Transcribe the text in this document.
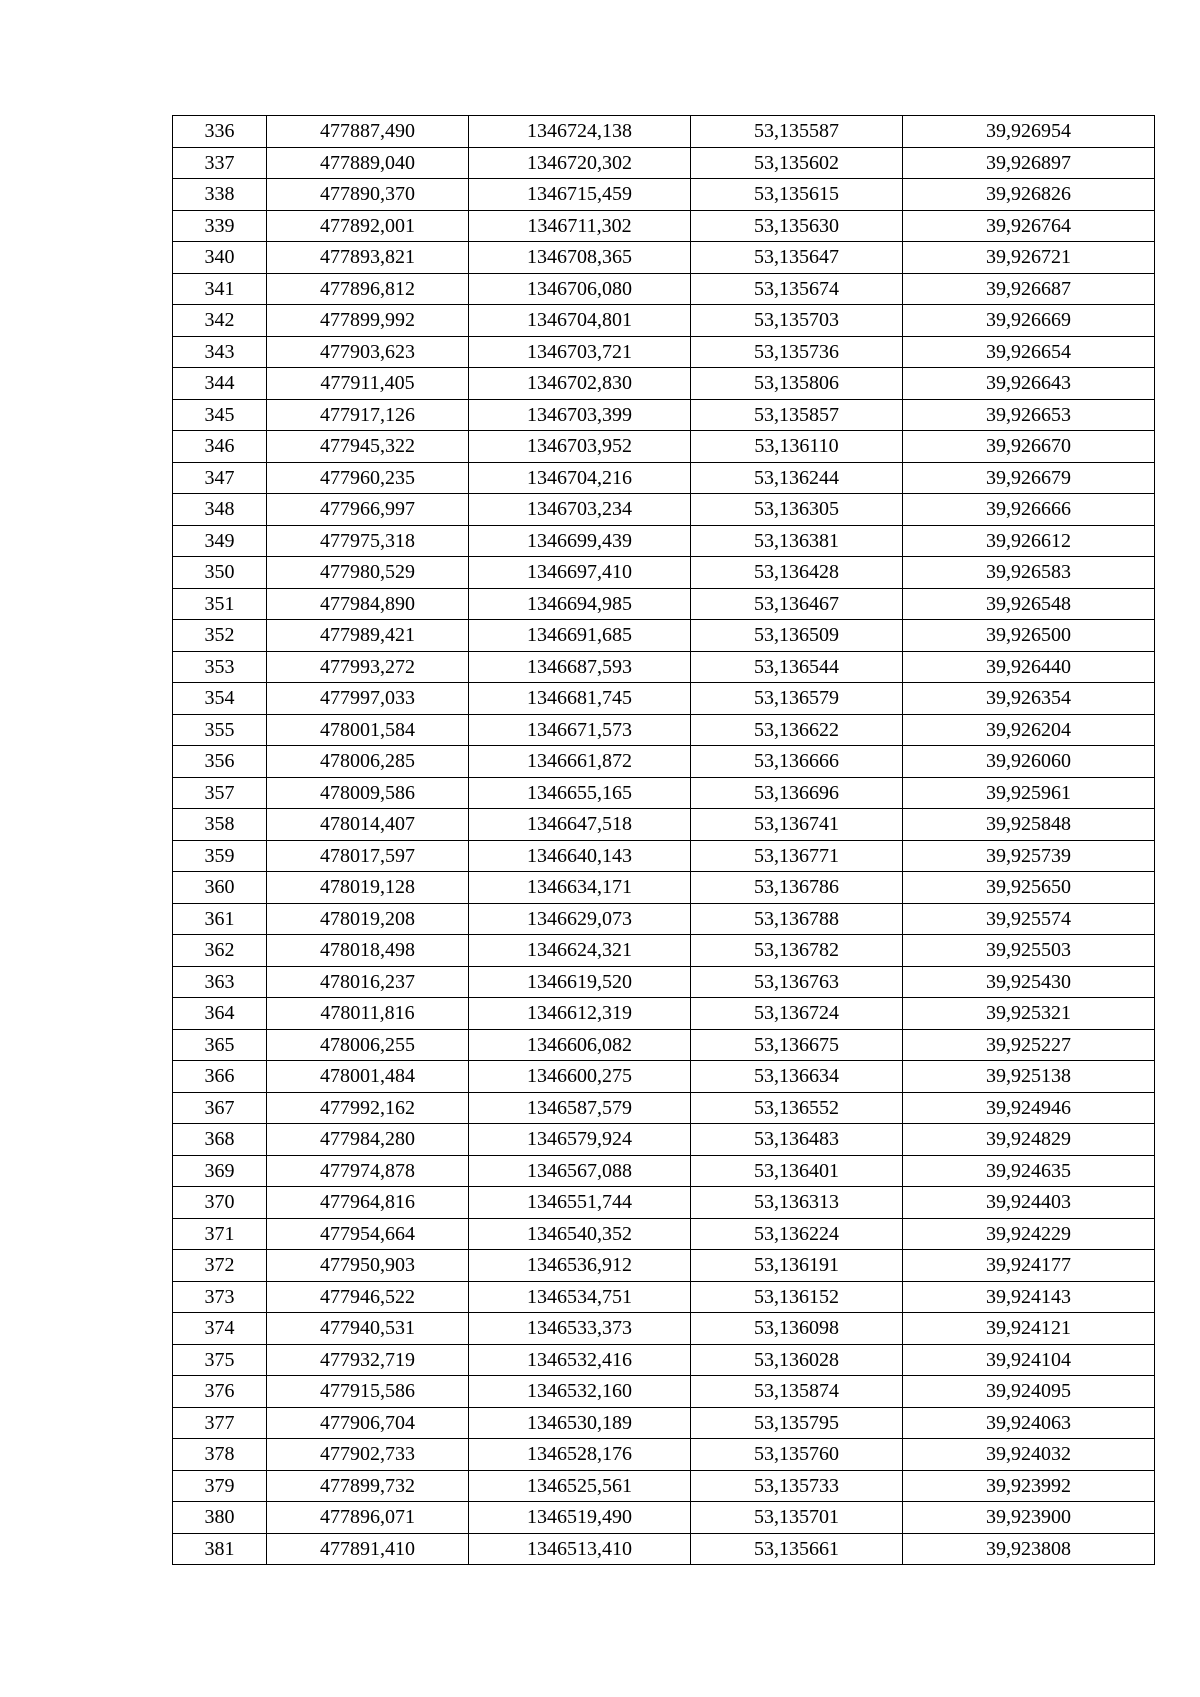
336	477887,490	1346724,138	53,135587	39,926954
337	477889,040	1346720,302	53,135602	39,926897
338	477890,370	1346715,459	53,135615	39,926826
339	477892,001	1346711,302	53,135630	39,926764
340	477893,821	1346708,365	53,135647	39,926721
341	477896,812	1346706,080	53,135674	39,926687
342	477899,992	1346704,801	53,135703	39,926669
343	477903,623	1346703,721	53,135736	39,926654
344	477911,405	1346702,830	53,135806	39,926643
345	477917,126	1346703,399	53,135857	39,926653
346	477945,322	1346703,952	53,136110	39,926670
347	477960,235	1346704,216	53,136244	39,926679
348	477966,997	1346703,234	53,136305	39,926666
349	477975,318	1346699,439	53,136381	39,926612
350	477980,529	1346697,410	53,136428	39,926583
351	477984,890	1346694,985	53,136467	39,926548
352	477989,421	1346691,685	53,136509	39,926500
353	477993,272	1346687,593	53,136544	39,926440
354	477997,033	1346681,745	53,136579	39,926354
355	478001,584	1346671,573	53,136622	39,926204
356	478006,285	1346661,872	53,136666	39,926060
357	478009,586	1346655,165	53,136696	39,925961
358	478014,407	1346647,518	53,136741	39,925848
359	478017,597	1346640,143	53,136771	39,925739
360	478019,128	1346634,171	53,136786	39,925650
361	478019,208	1346629,073	53,136788	39,925574
362	478018,498	1346624,321	53,136782	39,925503
363	478016,237	1346619,520	53,136763	39,925430
364	478011,816	1346612,319	53,136724	39,925321
365	478006,255	1346606,082	53,136675	39,925227
366	478001,484	1346600,275	53,136634	39,925138
367	477992,162	1346587,579	53,136552	39,924946
368	477984,280	1346579,924	53,136483	39,924829
369	477974,878	1346567,088	53,136401	39,924635
370	477964,816	1346551,744	53,136313	39,924403
371	477954,664	1346540,352	53,136224	39,924229
372	477950,903	1346536,912	53,136191	39,924177
373	477946,522	1346534,751	53,136152	39,924143
374	477940,531	1346533,373	53,136098	39,924121
375	477932,719	1346532,416	53,136028	39,924104
376	477915,586	1346532,160	53,135874	39,924095
377	477906,704	1346530,189	53,135795	39,924063
378	477902,733	1346528,176	53,135760	39,924032
379	477899,732	1346525,561	53,135733	39,923992
380	477896,071	1346519,490	53,135701	39,923900
381	477891,410	1346513,410	53,135661	39,923808
